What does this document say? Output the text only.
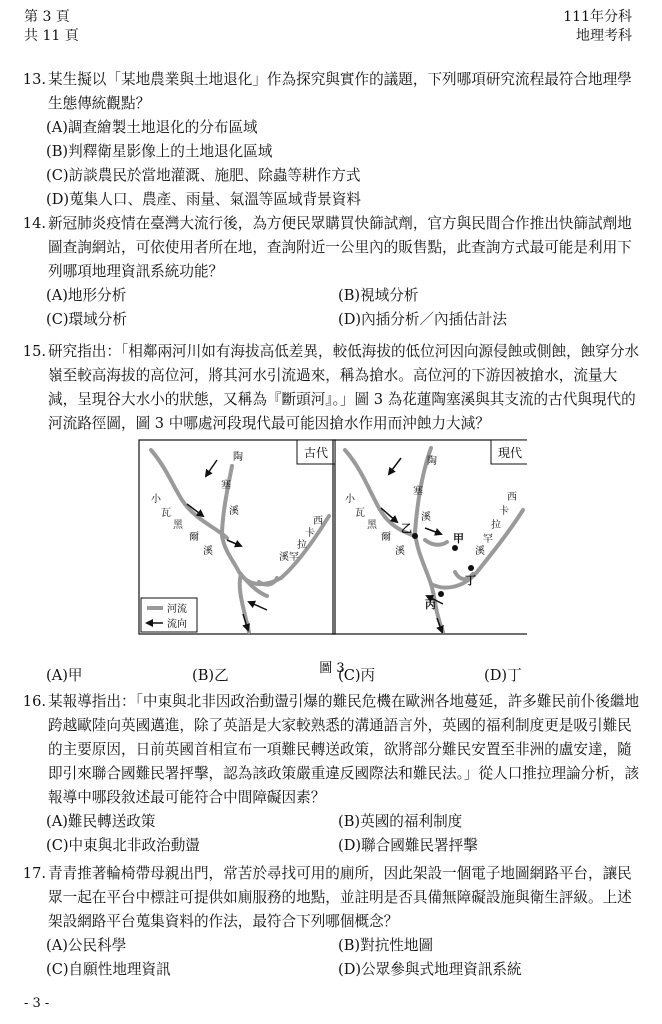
第 3 頁
共 11 頁
111年分科
地理考科
13. 某生擬以「某地農業與土地退化」作為探究與實作的議題，下列哪項研究流程最符合地理學生態傳統觀點？
(A)調查繪製土地退化的分布區域
(B)判釋衛星影像上的土地退化區域
(C)訪談農民於當地灌溉、施肥、除蟲等耕作方式
(D)蒐集人口、農產、雨量、氣溫等區域背景資料
14. 新冠肺炎疫情在臺灣大流行後，為方便民眾購買快篩試劑，官方與民間合作推出快篩試劑地圖查詢網站，可依使用者所在地，查詢附近一公里內的販售點，此查詢方式最可能是利用下列哪項地理資訊系統功能？
(A)地形分析	(B)視域分析
(C)環域分析	(D)內插分析／內插估計法
15. 研究指出：「相鄰兩河川如有海拔高低差異，較低海拔的低位河因向源侵蝕或側蝕，蝕穿分水嶺至較高海拔的高位河，將其河水引流過來，稱為搶水。高位河的下游因被搶水，流量大減，呈現谷大水小的狀態，又稱為『斷頭河』。」圖 3 為花蓮陶塞溪與其支流的古代與現代的河流路徑圖，圖 3 中哪處河段現代最可能因搶水作用而沖蝕力大減？
(A)甲	(B)乙	(C)丙	(D)丁
古代
陶
塞
溪
小
瓦
黑
爾
溪
西
卡
拉
罕
溪
河流
流向
現代
陶
塞
溪
小
瓦
黑
爾
溪
西
卡
拉
罕
溪
甲
乙
丙
丁
圖 3
16. 某報導指出：「中東與北非因政治動盪引爆的難民危機在歐洲各地蔓延，許多難民前仆後繼地跨越歐陸向英國邁進，除了英語是大家較熟悉的溝通語言外，英國的福利制度更是吸引難民的主要原因，日前英國首相宣布一項難民轉送政策，欲將部分難民安置至非洲的盧安達，隨即引來聯合國難民署抨擊，認為該政策嚴重違反國際法和難民法。」從人口推拉理論分析，該報導中哪段敘述最可能符合中間障礙因素？
(A)難民轉送政策	(B)英國的福利制度
(C)中東與北非政治動盪	(D)聯合國難民署抨擊
17. 青青推著輪椅帶母親出門，常苦於尋找可用的廁所，因此架設一個電子地圖網路平台，讓民眾一起在平台中標註可提供如廁服務的地點，並註明是否具備無障礙設施與衛生評級。上述架設網路平台蒐集資料的作法，最符合下列哪個概念？
(A)公民科學	(B)對抗性地圖
(C)自願性地理資訊	(D)公眾參與式地理資訊系統
- 3 -
